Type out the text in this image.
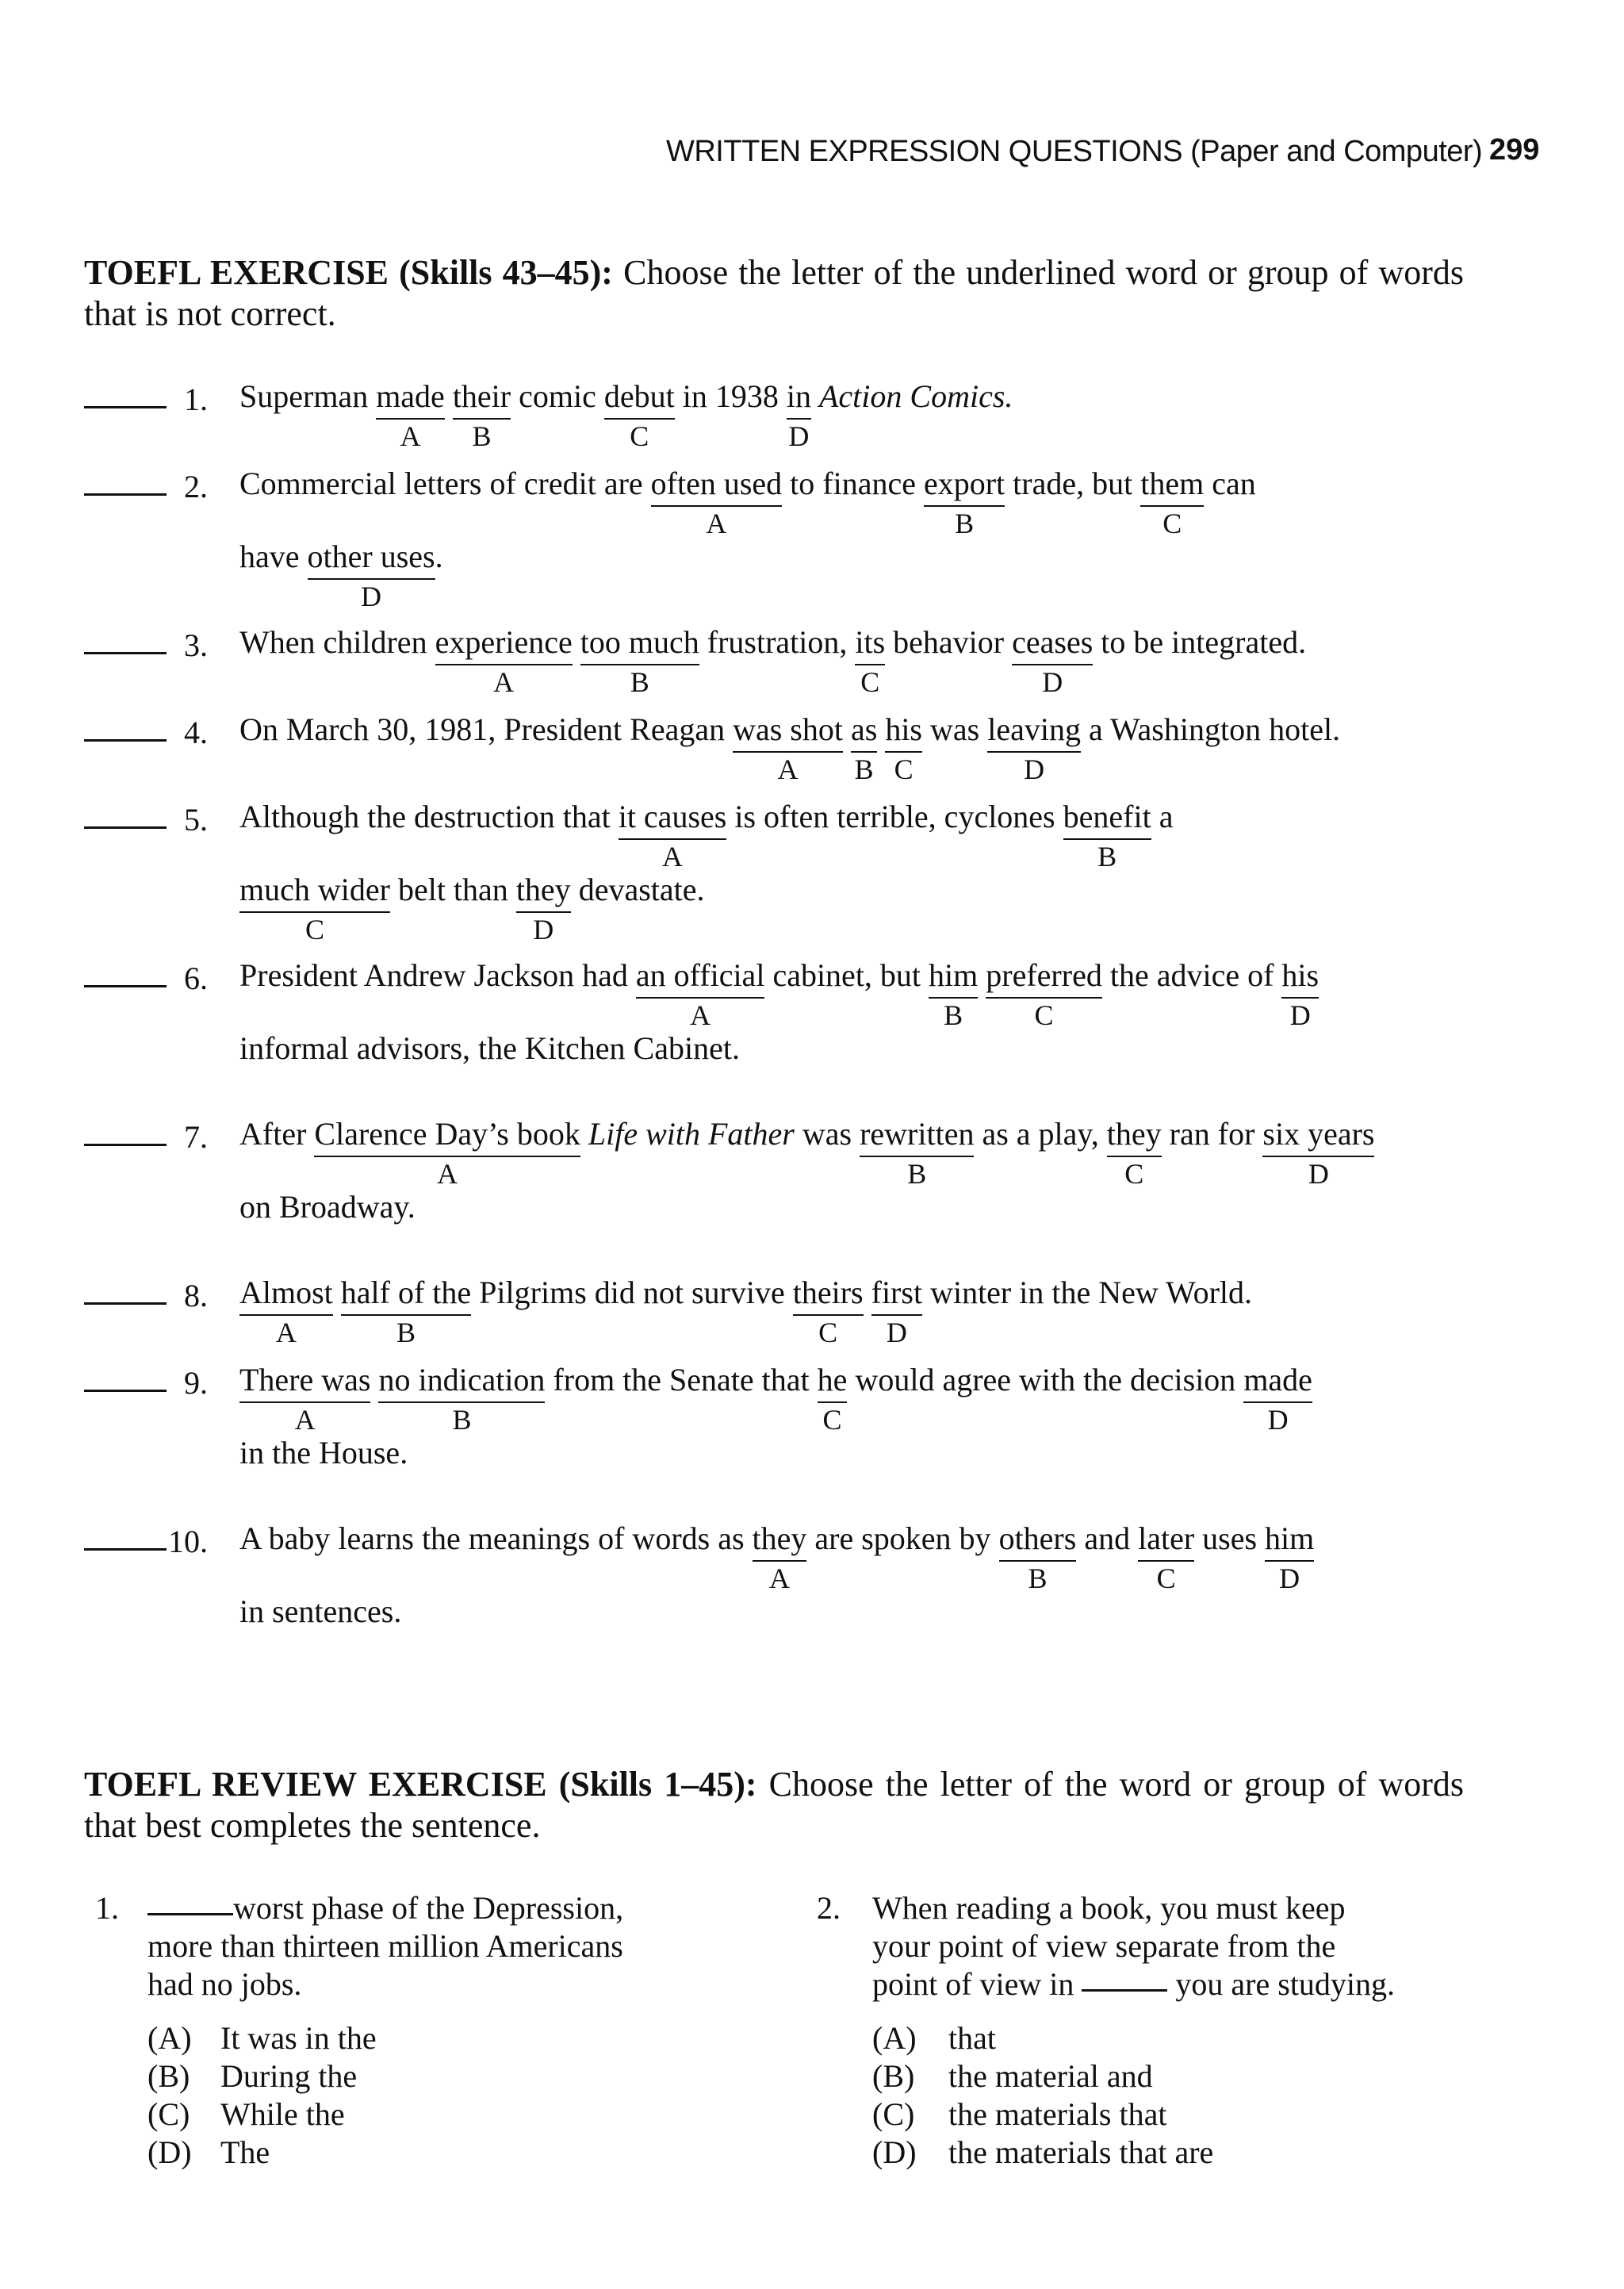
WRITTEN EXPRESSION QUESTIONS (Paper and Computer) 299
TOEFL EXERCISE (Skills 43–45): Choose the letter of the underlined word or group of words that is not correct.
1. Superman made
A
their
B
comic debut
C
in 1938 in
D
Action Comics.
2. Commercial letters of credit are often used
A
to finance export
B
trade, but them
C
can
have other uses
D
.
3. When children experience
A
too much
B
frustration, its
C
behavior ceases
D
to be integrated.
4. On March 30, 1981, President Reagan was shot
A
as
B
his
C
was leaving
D
a Washington hotel.
5. Although the destruction that it causes
A
is often terrible, cyclones benefit
B
a
much wider
C
belt than they
D
devastate.
6. President Andrew Jackson had an official
A
cabinet, but him
B
preferred
C
the advice of his
D
informal advisors, the Kitchen Cabinet.
7. After Clarence Day’s book
A
Life with Father was rewritten
B
as a play, they
C
ran for six years
D
on Broadway.
8. Almost
A
half of the
B
Pilgrims did not survive theirs
C
first
D
winter in the New World.
9. There was
A
no indication
B
from the Senate that he
C
would agree with the decision made
D
in the House.
10. A baby learns the meanings of words as they
A
are spoken by others
B
and later
C
uses him
D
in sentences.
TOEFL REVIEW EXERCISE (Skills 1–45): Choose the letter of the word or group of words that best completes the sentence.
1.	worst phase of the Depression,
more than thirteen million Americans
had no jobs.
(A) It was in the
(B) During the
(C) While the
(D) The
2. When reading a book, you must keep
your point of view separate from the
point of view in	you are studying.
(A) that
(B) the material and
(C) the materials that
(D) the materials that are
